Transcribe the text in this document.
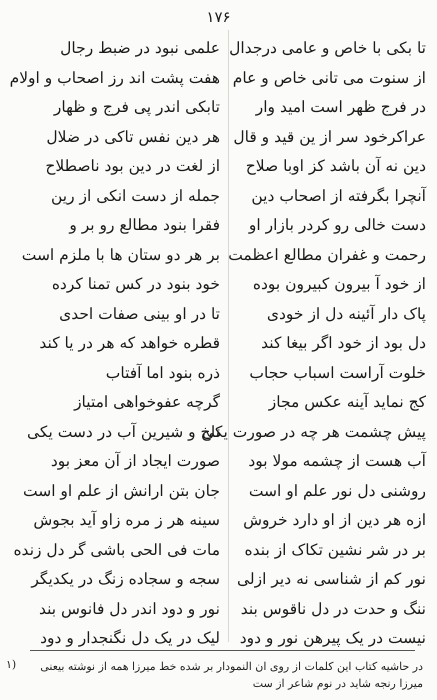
۱۷۶
تا بکی با خاص و عامی درجدال
از سنوت می تانی خاص و عام
در فرج ظهر است امید وار
عراکرخود سر از ین قید و قال
دین نه آن باشد کز اوبا صلاح
آنچرا بگرفته از اصحاب دین
دست خالی رو کردر بازار او
رحمت و غفران مطالع اعظمت
از خود آ بیرون کبیرون بوده
پاک دار آئینه دل از خودی
دل بود از خود اگر بیغا کند
خلوت آراست اسباب حجاب
کج نماید آینه عکس مجاز
پیش چشمت هر چه در صورت یکی
آب هست از چشمه مولا بود
روشنی دل نور علم او است
ازه هر دین از او دارد خروش
بر در شر نشین تکاک از بنده
نور کم از شناسی نه دیر ازلی
ننگ و حدت در دل ناقوس بند
نیست در یک پیرهن نور و دود
علمی نبود در ضبط رجال
هفت پشت اند رز اصحاب و اولام
تابکی اندر پی فرج و ظهار
هر دین نفس تاکی در ضلال
از لغت در دین بود ناصطلاح
جمله از دست انکی از رین
فقرا بنود مطالع رو بر و
بر هر دو ستان ها با ملزم است
خود بنود در کس تمنا کرده
تا در او بینی صفات احدی
قطره خواهد که هر در یا کند
ذره بنود اما آفتاب
گرچه عفوخواهی امتیاز
تلخ و شیرین آب در دست یکی
صورت ایجاد از آن معز بود
جان بتن ارانش از علم او است
سینه هر ز مره زاو آید بجوش
مات فی الحی باشی گر دل زنده
سجه و سجاده زنگ در یکدیگر
نور و دود اندر دل فانوس بند
لیک در یک دل نگنجدار و دود
۱)	در حاشیه کتاب این کلمات از روی ان النمودار بر شده خط میرزا همه از نوشته بیعنی میرزا رنجه شاید در نوم شاعر از ست
